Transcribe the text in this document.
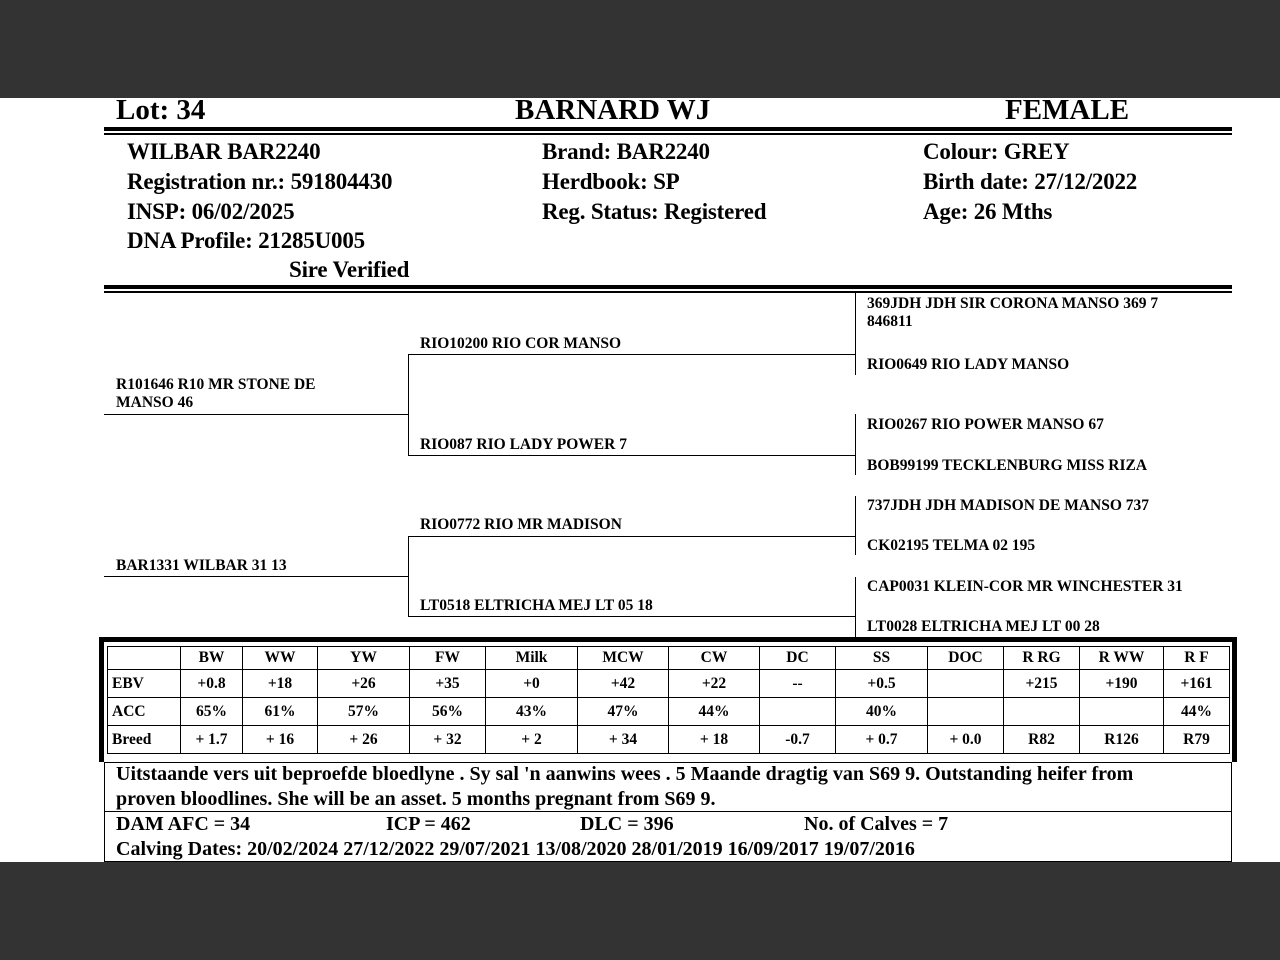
Lot: 34	BARNARD WJ	FEMALE
WILBAR BAR2240
Registration nr.: 591804430
INSP: 06/02/2025
DNA Profile: 21285U005
Sire Verified
Brand: BAR2240
Herdbook: SP
Reg. Status: Registered
Colour: GREY
Birth date: 27/12/2022
Age: 26 Mths
R101646 R10 MR STONE DE
MANSO 46
RIO10200 RIO COR MANSO
RIO087 RIO LADY POWER 7
369JDH JDH SIR CORONA MANSO 369 7
846811
RIO0649 RIO LADY MANSO
RIO0267 RIO POWER MANSO 67
BOB99199 TECKLENBURG MISS RIZA
BAR1331 WILBAR 31 13
RIO0772 RIO MR MADISON
LT0518 ELTRICHA MEJ LT 05 18
737JDH JDH MADISON DE MANSO 737
CK02195 TELMA 02 195
CAP0031 KLEIN-COR MR WINCHESTER 31
LT0028 ELTRICHA MEJ LT 00 28
	BW	WW	YW	FW	Milk	MCW	CW	DC	SS	DOC	R RG	R WW	R F
EBV	+0.8	+18	+26	+35	+0	+42	+22	--	+0.5		+215	+190	+161
ACC	65%	61%	57%	56%	43%	47%	44%		40%				44%
Breed	+ 1.7	+ 16	+ 26	+ 32	+ 2	+ 34	+ 18	-0.7	+ 0.7	+ 0.0	R82	R126	R79
Uitstaande vers uit beproefde bloedlyne . Sy sal 'n aanwins wees . 5 Maande dragtig van S69 9. Outstanding heifer from
proven bloodlines. She will be an asset. 5 months pregnant from S69 9.
DAM AFC = 34	ICP = 462	DLC = 396	No. of Calves = 7
Calving Dates: 20/02/2024 27/12/2022 29/07/2021 13/08/2020 28/01/2019 16/09/2017 19/07/2016
